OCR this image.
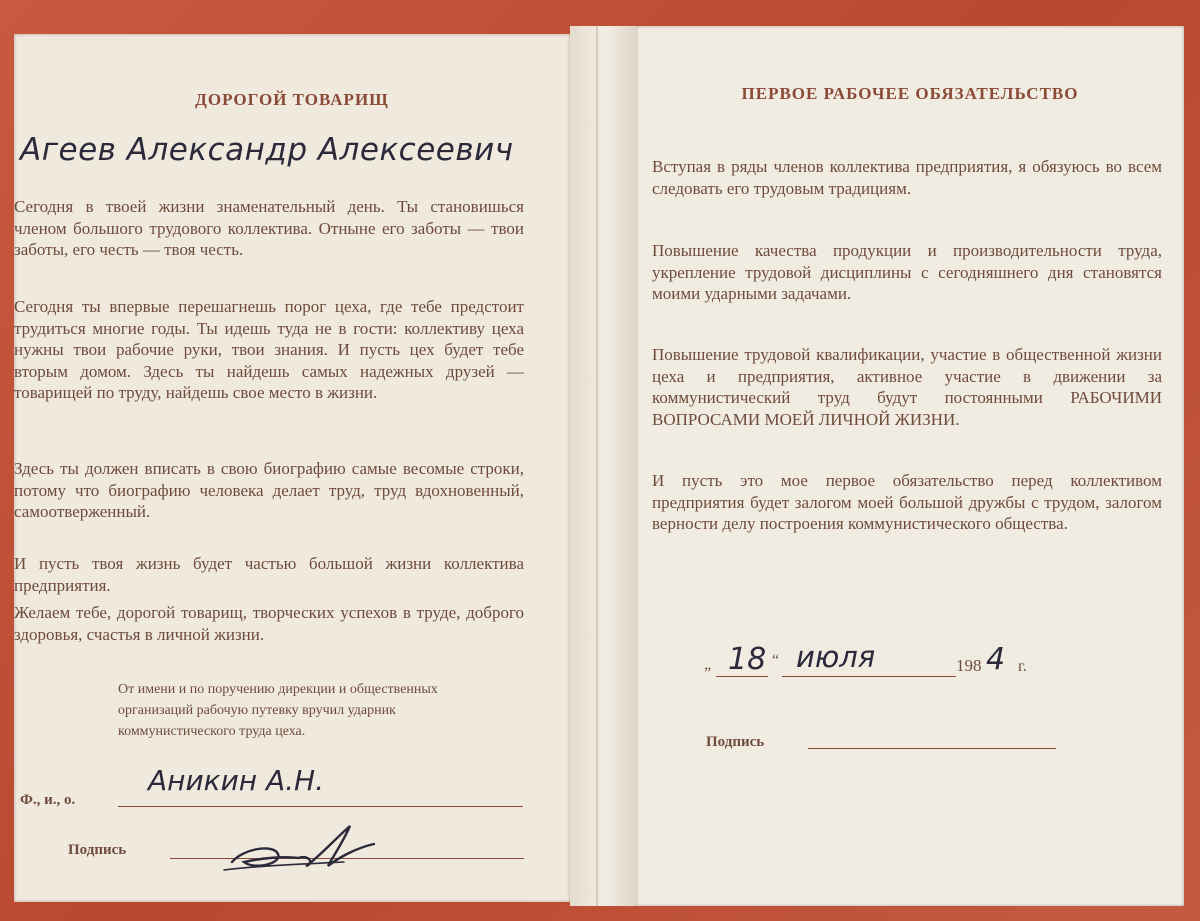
ДОРОГОЙ ТОВАРИЩ
Агеев Александр Алексеевич

Сегодня в твоей жизни знаменательный день. Ты становишься членом большого трудового коллектива. Отныне его заботы — твои заботы, его честь — твоя честь.

Сегодня ты впервые перешагнешь порог цеха, где тебе предстоит трудиться многие годы. Ты идешь туда не в гости: коллективу цеха нужны твои рабочие руки, твои знания. И пусть цех будет тебе вторым домом. Здесь ты найдешь самых надежных друзей — товарищей по труду, найдешь свое место в жизни.

Здесь ты должен вписать в свою биографию самые весомые строки, потому что биографию человека делает труд, труд вдохновенный, самоотверженный.

И пусть твоя жизнь будет частью большой жизни коллектива предприятия.

Желаем тебе, дорогой товарищ, творческих успехов в труде, доброго здоровья, счастья в личной жизни.

От имени и по поручению дирекции и общественных организаций рабочую путевку вручил ударник коммунистического труда цеха.

Ф., и., о.
Аникин А.Н.
Подпись
ПЕРВОЕ РАБОЧЕЕ ОБЯЗАТЕЛЬСТВО

Вступая в ряды членов коллектива предприятия, я обязуюсь во всем следовать его трудовым традициям.

Повышение качества продукции и производительности труда, укрепление трудовой дисциплины с сегодняшнего дня становятся моими ударными задачами.

Повышение трудовой квалификации, участие в общественной жизни цеха и предприятия, активное участие в движении за коммунистический труд будут постоянными РАБОЧИМИ ВОПРОСАМИ МОЕЙ ЛИЧНОЙ ЖИЗНИ.

И пусть это мое первое обязательство перед коллективом предприятия будет залогом моей большой дружбы с трудом, залогом верности делу построения коммунистического общества.

„ 18 “ июля	198 4 г.
Подпись
